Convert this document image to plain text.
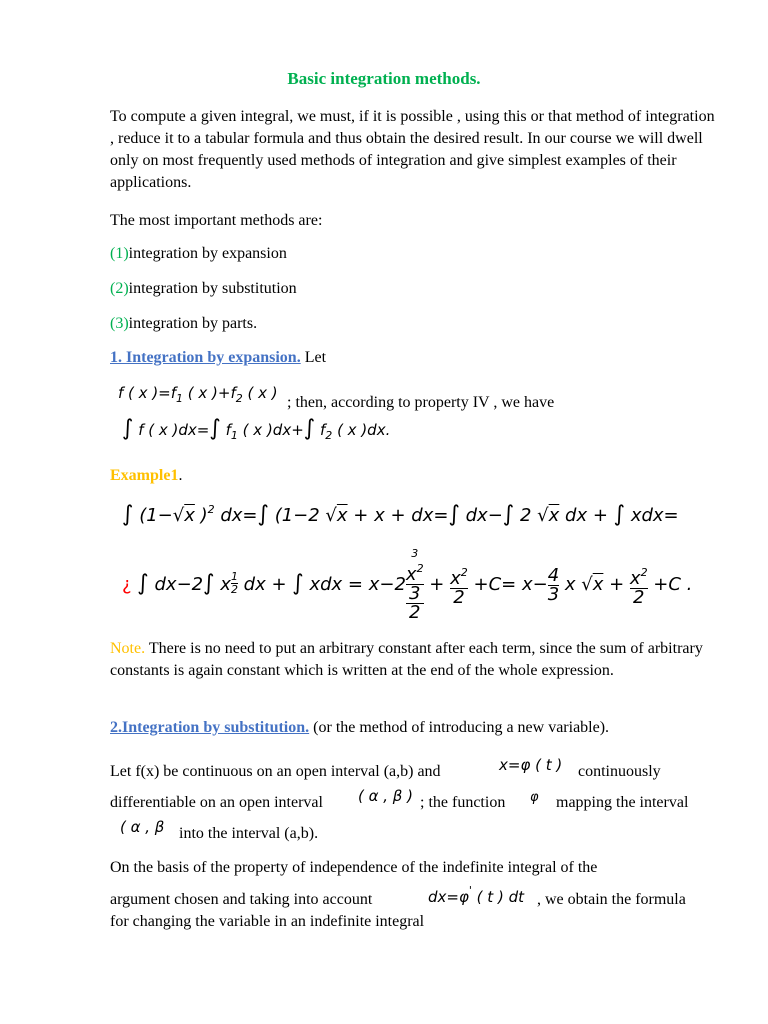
Basic integration methods.
To compute a given integral, we must, if it is possible , using this or that method of integration , reduce it to a tabular formula and thus obtain the desired result. In our course we will dwell only on most frequently used methods of integration and give simplest examples of their applications.
The most important methods are:
(1)integration by expansion
(2)integration by substitution
(3)integration by parts.
1. Integration by expansion. Let
f ( x )$=f_1$ ( x )$+f_2$ ( x )
; then, according to property IV , we have
∫ f ( x )dx=∫ $f_1$ ( x )dx+∫ $f_2$ ( x )dx.
Example1.
∫ (1−√x )$^2$ dx=∫ (1−2 √x + x + dx=∫ dx−∫ 2 √x dx + ∫ xdx=
¿ ∫ dx−2∫ x $\frac{1}{2}$ dx + ∫ xdx = x−2
3
$x^2$
3
2
+ $\frac{x^2}{2} +C= x- \frac{4}{3}$ x $√x + \frac{x^2}{2} +C$ .
Note. There is no need to put an arbitrary constant after each term, since the sum of arbitrary constants is again constant which is written at the end of the whole expression.
2.Integration by substitution. (or the method of introducing a new variable).
Let f(x) be continuous on an open interval (a,b) and	x=φ ( t ) continuously
differentiable on an open interval ( α , β ) ; the function φ mapping the interval
( α , β into the interval (a,b).
On the basis of the property of independence of the indefinite integral of the
argument chosen and taking into account	dx=φ' ( t ) dt , we obtain the formula
for changing the variable in an indefinite integral
